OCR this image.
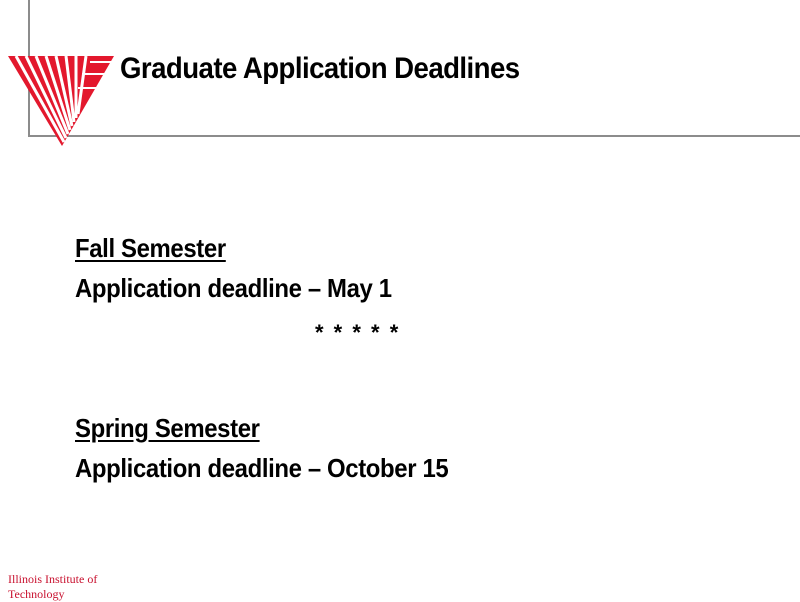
Graduate Application Deadlines
Fall Semester
Application deadline – May 1
* * * * *
Spring Semester
Application deadline – October 15
Illinois Institute of Technology
